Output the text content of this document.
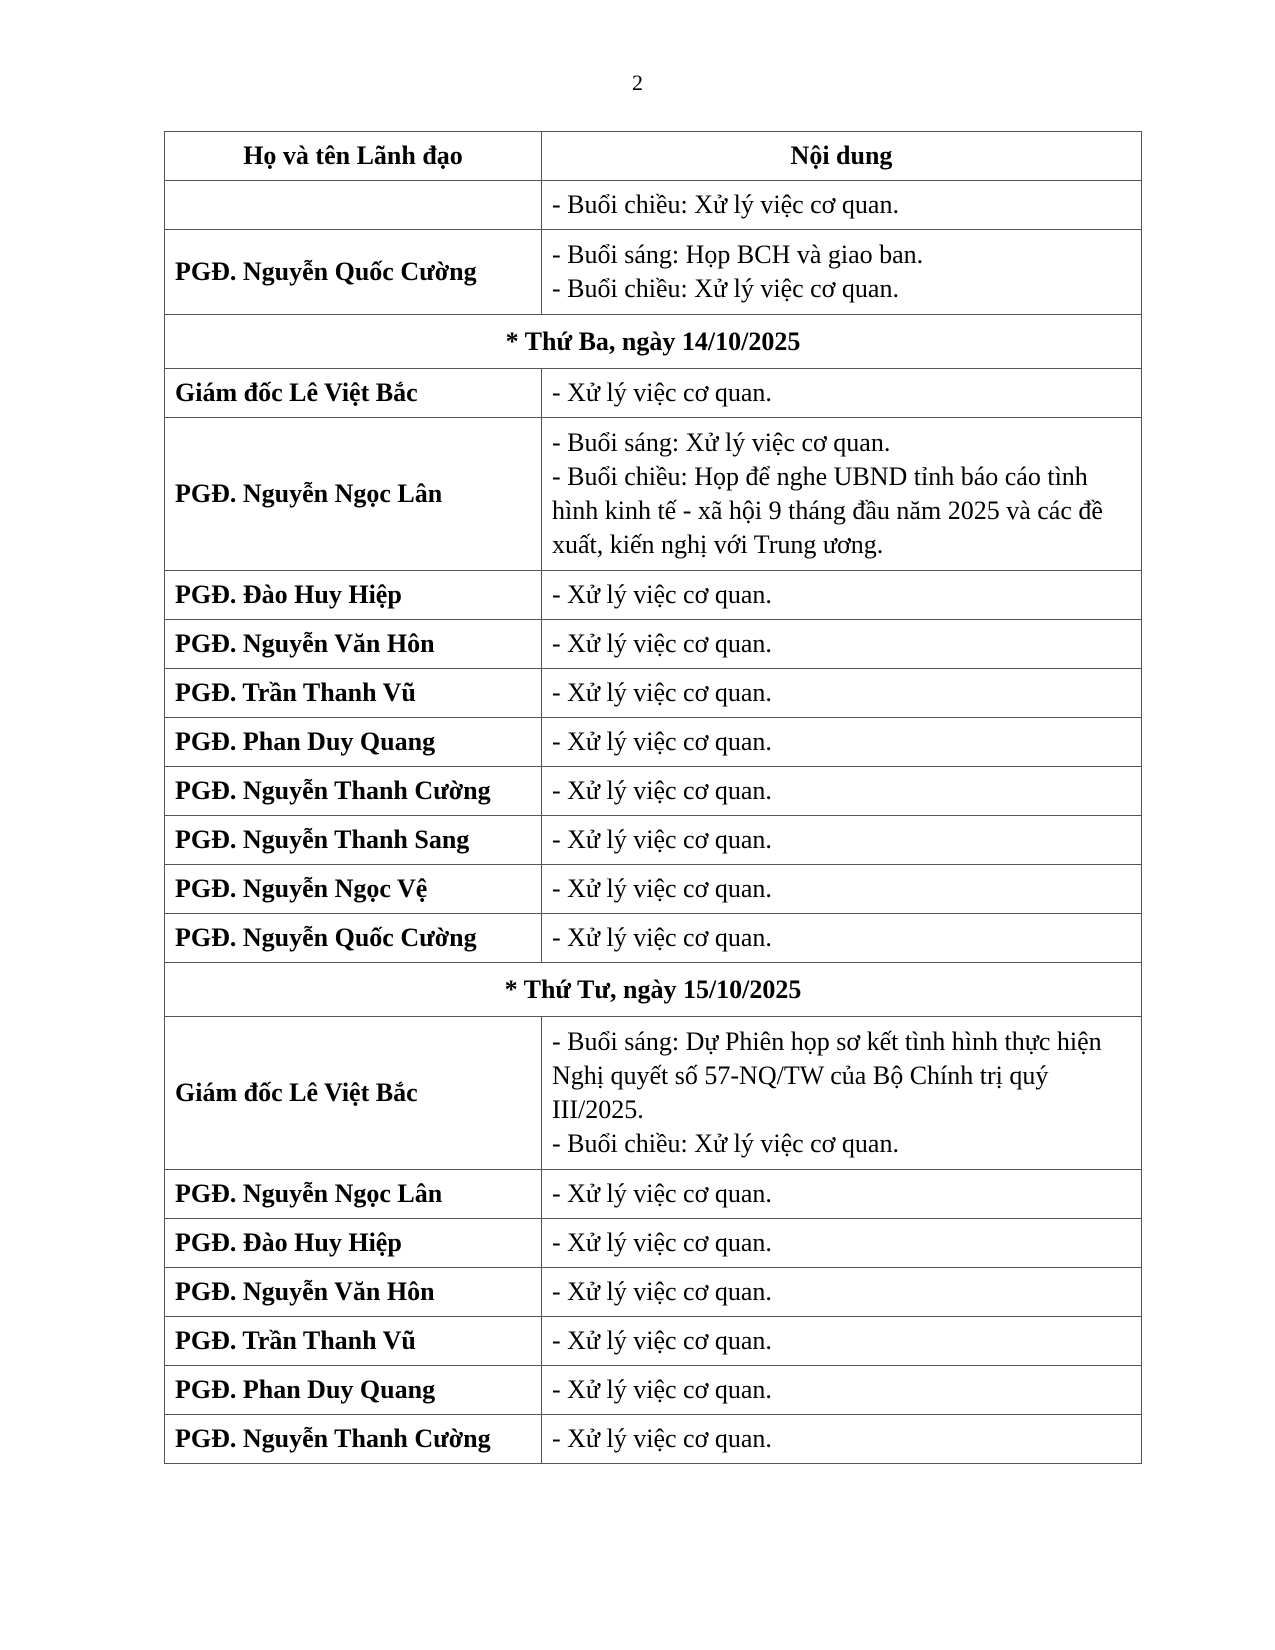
2
Họ và tên Lãnh đạo	Nội dung

	- Buổi chiều: Xử lý việc cơ quan.

PGĐ. Nguyễn Quốc Cường	- Buổi sáng: Họp BCH và giao ban.
- Buổi chiều: Xử lý việc cơ quan.

* Thứ Ba, ngày 14/10/2025	
Giám đốc Lê Việt Bắc	- Xử lý việc cơ quan.

PGĐ. Nguyễn Ngọc Lân	- Buổi sáng: Xử lý việc cơ quan.
- Buổi chiều: Họp để nghe UBND tỉnh báo cáo tình hình kinh tế - xã hội 9 tháng đầu năm 2025 và các đề xuất, kiến nghị với Trung ương.

PGĐ. Đào Huy Hiệp	- Xử lý việc cơ quan.

PGĐ. Nguyễn Văn Hôn	- Xử lý việc cơ quan.

PGĐ. Trần Thanh Vũ	- Xử lý việc cơ quan.

PGĐ. Phan Duy Quang	- Xử lý việc cơ quan.

PGĐ. Nguyễn Thanh Cường	- Xử lý việc cơ quan.

PGĐ. Nguyễn Thanh Sang	- Xử lý việc cơ quan.

PGĐ. Nguyễn Ngọc Vệ	- Xử lý việc cơ quan.

PGĐ. Nguyễn Quốc Cường	- Xử lý việc cơ quan.

* Thứ Tư, ngày 15/10/2025	
Giám đốc Lê Việt Bắc	- Buổi sáng: Dự Phiên họp sơ kết tình hình thực hiện Nghị quyết số 57-NQ/TW của Bộ Chính trị quý III/2025.
- Buổi chiều: Xử lý việc cơ quan.

PGĐ. Nguyễn Ngọc Lân	- Xử lý việc cơ quan.

PGĐ. Đào Huy Hiệp	- Xử lý việc cơ quan.

PGĐ. Nguyễn Văn Hôn	- Xử lý việc cơ quan.

PGĐ. Trần Thanh Vũ	- Xử lý việc cơ quan.

PGĐ. Phan Duy Quang	- Xử lý việc cơ quan.

PGĐ. Nguyễn Thanh Cường	- Xử lý việc cơ quan.
